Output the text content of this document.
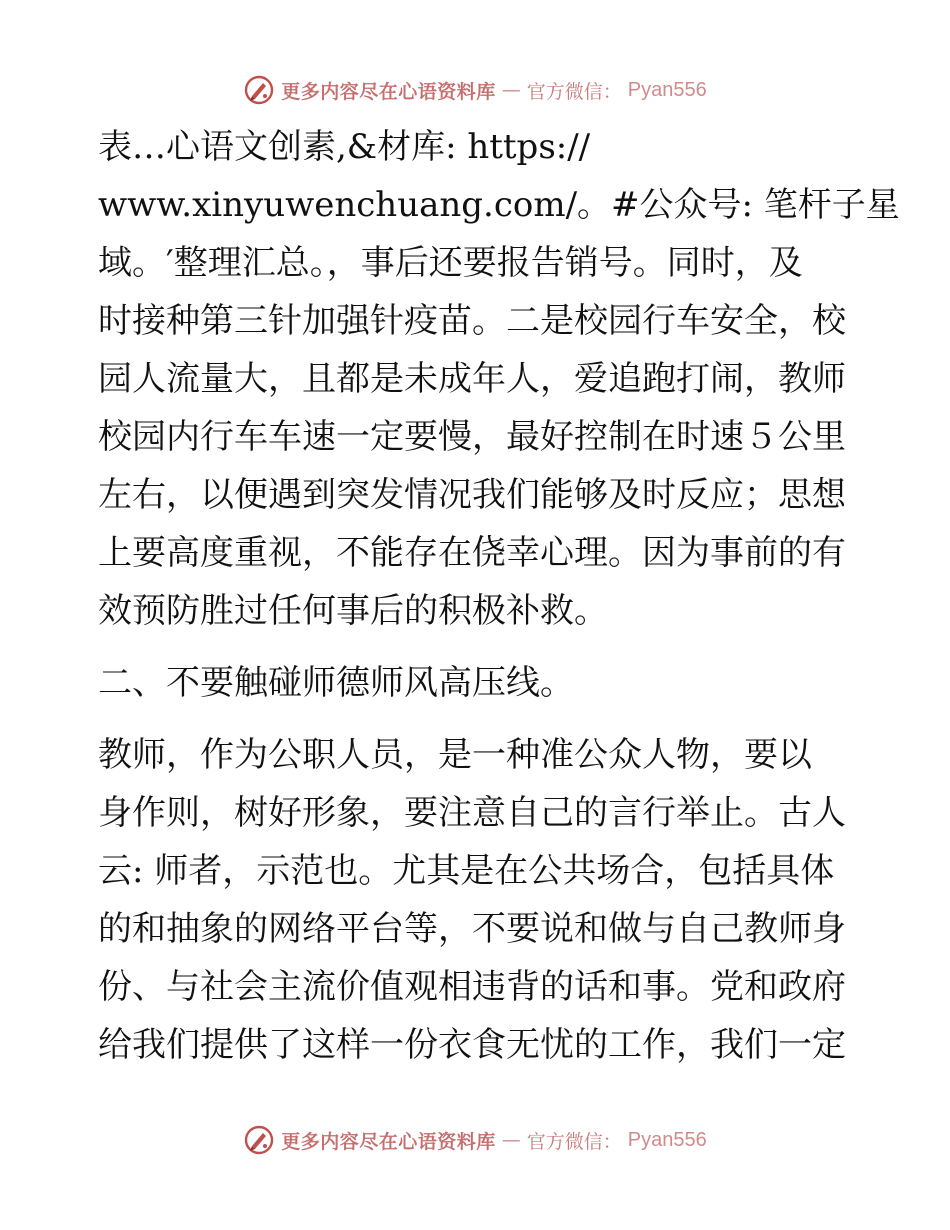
更多内容尽在心语资料库 — 官方微信： Pyan556
表…心语文创素,&材库: https://
www.xinyuwenchuang.com/。#公众号: 笔杆子星
域。′整理汇总。，事后还要报告销号。同时，及
时接种第三针加强针疫苗。二是校园行车安全，校
园人流量大，且都是未成年人，爱追跑打闹，教师
校园内行车车速一定要慢，最好控制在时速５公里
左右，以便遇到突发情况我们能够及时反应；思想
上要高度重视，不能存在侥幸心理。因为事前的有
效预防胜过任何事后的积极补救。
二、不要触碰师德师风高压线。
教师，作为公职人员，是一种准公众人物，要以
身作则，树好形象，要注意自己的言行举止。古人
云: 师者，示范也。尤其是在公共场合，包括具体
的和抽象的网络平台等，不要说和做与自己教师身
份、与社会主流价值观相违背的话和事。党和政府
给我们提供了这样一份衣食无忧的工作，我们一定
更多内容尽在心语资料库 — 官方微信： Pyan556
